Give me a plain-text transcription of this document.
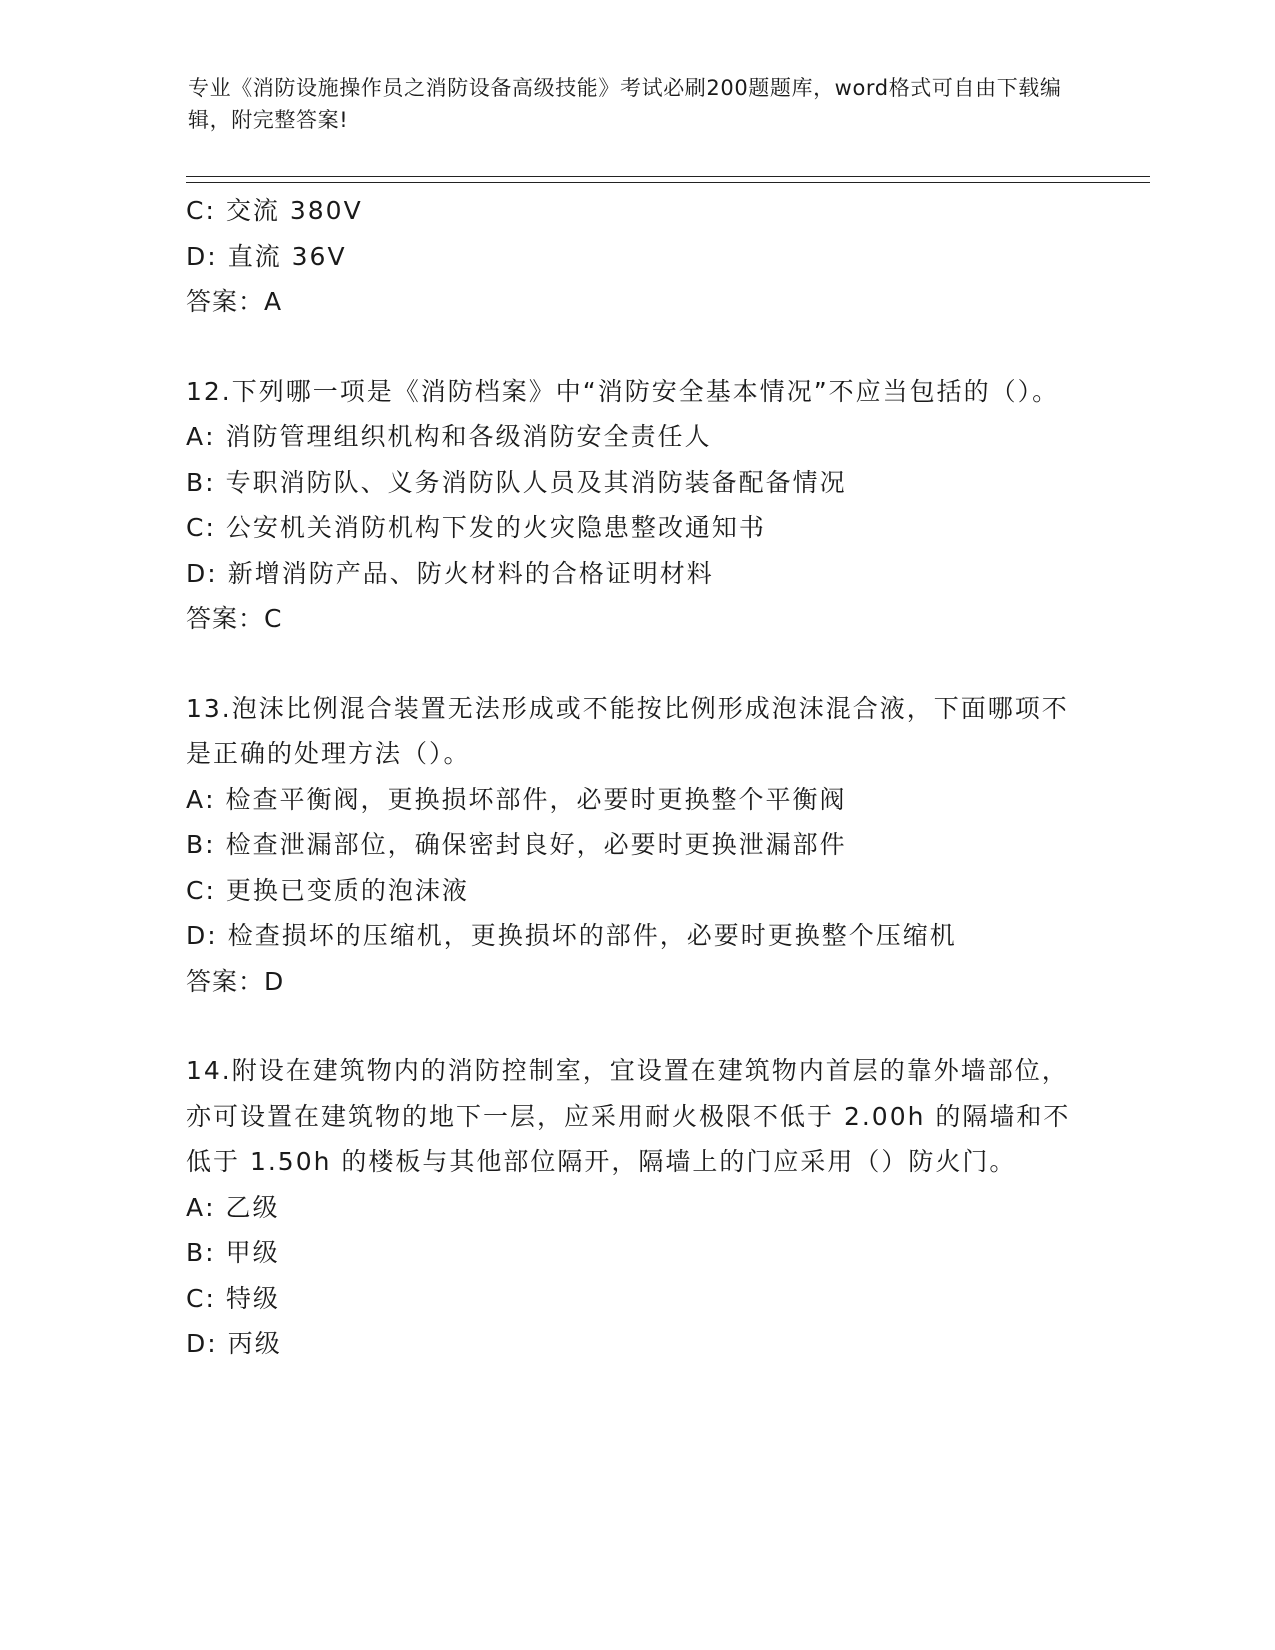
专业《消防设施操作员之消防设备高级技能》考试必刷200题题库，word格式可自由下载编辑，附完整答案!
C: 交流 380V
D: 直流 36V
答案：A
12.下列哪一项是《消防档案》中“消防安全基本情况”不应当包括的（）。
A: 消防管理组织机构和各级消防安全责任人
B: 专职消防队、义务消防队人员及其消防装备配备情况
C: 公安机关消防机构下发的火灾隐患整改通知书
D: 新增消防产品、防火材料的合格证明材料
答案：C
13.泡沫比例混合装置无法形成或不能按比例形成泡沫混合液，下面哪项不是正确的处理方法（）。
A: 检查平衡阀，更换损坏部件，必要时更换整个平衡阀
B: 检查泄漏部位，确保密封良好，必要时更换泄漏部件
C: 更换已变质的泡沫液
D: 检查损坏的压缩机，更换损坏的部件，必要时更换整个压缩机
答案：D
14.附设在建筑物内的消防控制室，宜设置在建筑物内首层的靠外墙部位，亦可设置在建筑物的地下一层，应采用耐火极限不低于 2.00h 的隔墙和不低于 1.50h 的楼板与其他部位隔开，隔墙上的门应采用（）防火门。
A: 乙级
B: 甲级
C: 特级
D: 丙级
